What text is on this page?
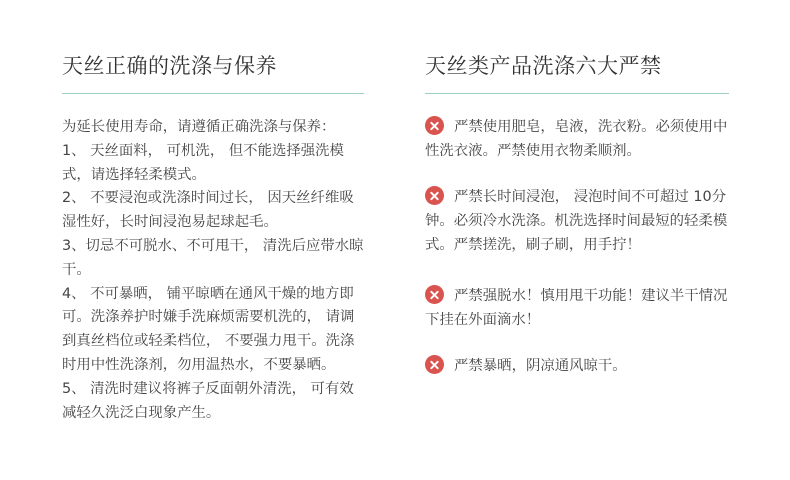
天丝正确的洗涤与保养

为延长使用寿命，请遵循正确洗涤与保养：

1、 天丝面料， 可机洗， 但不能选择强洗模式，请选择轻柔模式。

2、 不要浸泡或洗涤时间过长， 因天丝纤维吸湿性好，长时间浸泡易起球起毛。

3、切忌不可脱水、不可甩干， 清洗后应带水晾干。

4、 不可暴晒， 铺平晾晒在通风干燥的地方即可。洗涤养护时嫌手洗麻烦需要机洗的， 请调到真丝档位或轻柔档位， 不要强力甩干。洗涤时用中性洗涤剂，勿用温热水，不要暴晒。

5、 清洗时建议将裤子反面朝外清洗， 可有效减轻久洗泛白现象产生。

天丝类产品洗涤六大严禁
严禁使用肥皂，皂液，洗衣粉。必须使用中性洗衣液。严禁使用衣物柔顺剂。
严禁长时间浸泡， 浸泡时间不可超过 10分钟。必须冷水洗涤。机洗选择时间最短的轻柔模式。严禁搓洗，刷子刷，用手拧！
严禁强脱水！慎用甩干功能！建议半干情况下挂在外面滴水！
严禁暴晒，阴凉通风晾干。
